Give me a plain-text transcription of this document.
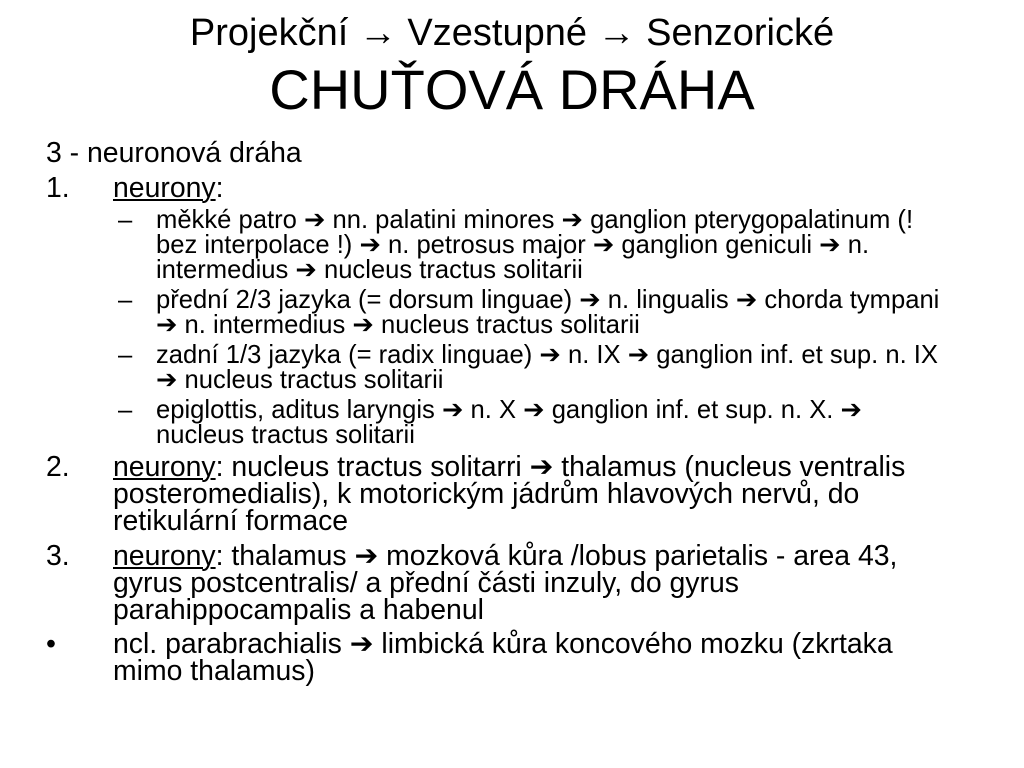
Projekční → Vzestupné → Senzorické
CHUŤOVÁ DRÁHA
3 - neuronová dráha
1. neurony:
– měkké patro ➔ nn. palatini minores ➔ ganglion pterygopalatinum (!
bez interpolace !) ➔ n. petrosus major ➔ ganglion geniculi ➔ n.
intermedius ➔ nucleus tractus solitarii
– přední 2/3 jazyka (= dorsum linguae) ➔ n. lingualis ➔ chorda tympani
➔ n. intermedius ➔ nucleus tractus solitarii
– zadní 1/3 jazyka (= radix linguae) ➔ n. IX ➔ ganglion inf. et sup. n. IX
➔ nucleus tractus solitarii
– epiglottis, aditus laryngis ➔ n. X ➔ ganglion inf. et sup. n. X. ➔
nucleus tractus solitarii
2. neurony: nucleus tractus solitarri ➔ thalamus (nucleus ventralis
posteromedialis), k motorickým jádrům hlavových nervů, do
retikulární formace
3. neurony: thalamus ➔ mozková kůra /lobus parietalis - area 43,
gyrus postcentralis/ a přední části inzuly, do gyrus
parahippocampalis a habenul
• ncl. parabrachialis ➔ limbická kůra koncového mozku (zkrtaka
mimo thalamus)
